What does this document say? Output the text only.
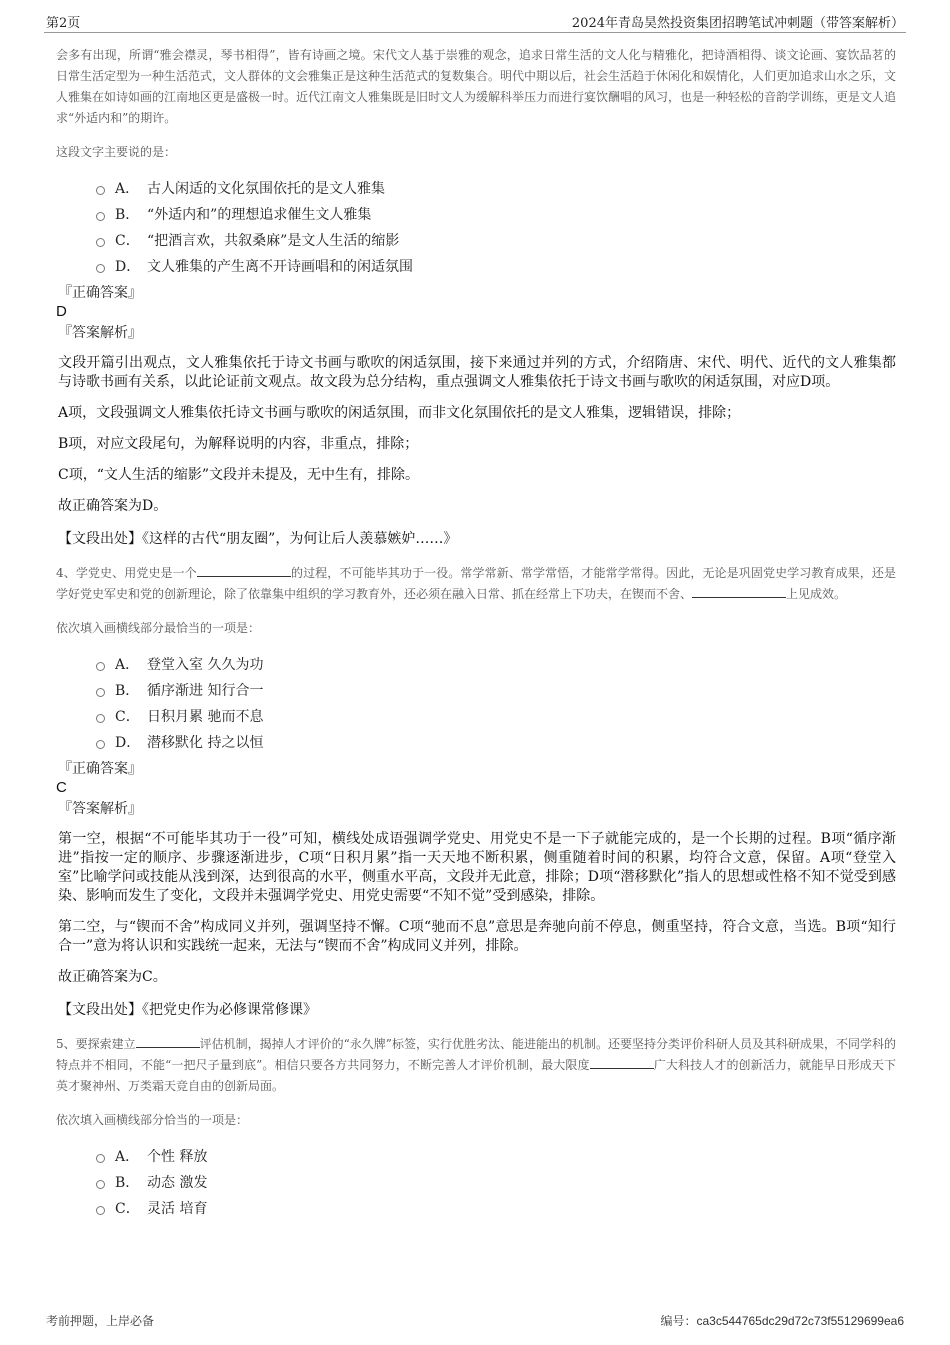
第2页	2024年青岛昊然投资集团招聘笔试冲刺题（带答案解析）

会多有出现，所谓“雅会襟灵，琴书相得”，皆有诗画之境。宋代文人基于崇雅的观念，追求日常生活的文人化与精雅化，把诗酒相得、谈文论画、宴饮品茗的日常生活定型为一种生活范式，文人群体的文会雅集正是这种生活范式的复数集合。明代中期以后，社会生活趋于休闲化和娱情化，人们更加追求山水之乐，文人雅集在如诗如画的江南地区更是盛极一时。近代江南文人雅集既是旧时文人为缓解科举压力而进行宴饮酬唱的风习，也是一种轻松的音韵学训练，更是文人追求“外适内和”的期许。

这段文字主要说的是：

A． 古人闲适的文化氛围依托的是文人雅集
B． “外适内和”的理想追求催生文人雅集
C． “把酒言欢，共叙桑麻”是文人生活的缩影
D． 文人雅集的产生离不开诗画唱和的闲适氛围

『正确答案』

D

『答案解析』

文段开篇引出观点，文人雅集依托于诗文书画与歌吹的闲适氛围，接下来通过并列的方式，介绍隋唐、宋代、明代、近代的文人雅集都与诗歌书画有关系，以此论证前文观点。故文段为总分结构，重点强调文人雅集依托于诗文书画与歌吹的闲适氛围，对应D项。

A项，文段强调文人雅集依托诗文书画与歌吹的闲适氛围，而非文化氛围依托的是文人雅集，逻辑错误，排除；

B项，对应文段尾句，为解释说明的内容，非重点，排除；

C项，“文人生活的缩影”文段并未提及，无中生有，排除。

故正确答案为D。

【文段出处】《这样的古代“朋友圈”，为何让后人羡慕嫉妒……》

4、学党史、用党史是一个	的过程，不可能毕其功于一役。常学常新、常学常悟，才能常学常得。因此，无论是巩固党史学习教育成果，还是学好党史军史和党的创新理论，除了依靠集中组织的学习教育外，还必须在融入日常、抓在经常上下功夫，在锲而不舍、	上见成效。

依次填入画横线部分最恰当的一项是：

A． 登堂入室 久久为功
B． 循序渐进 知行合一
C． 日积月累 驰而不息
D． 潜移默化 持之以恒

『正确答案』

C

『答案解析』

第一空，根据“不可能毕其功于一役”可知，横线处成语强调学党史、用党史不是一下子就能完成的，是一个长期的过程。B项“循序渐进”指按一定的顺序、步骤逐渐进步，C项“日积月累”指一天天地不断积累，侧重随着时间的积累，均符合文意，保留。A项“登堂入室”比喻学问或技能从浅到深，达到很高的水平，侧重水平高，文段并无此意，排除；D项“潜移默化”指人的思想或性格不知不觉受到感染、影响而发生了变化，文段并未强调学党史、用党史需要“不知不觉”受到感染，排除。

第二空，与“锲而不舍”构成同义并列，强调坚持不懈。C项“驰而不息”意思是奔驰向前不停息，侧重坚持，符合文意，当选。B项“知行合一”意为将认识和实践统一起来，无法与“锲而不舍”构成同义并列，排除。

故正确答案为C。

【文段出处】《把党史作为必修课常修课》

5、要探索建立	评估机制，揭掉人才评价的“永久牌”标签，实行优胜劣汰、能进能出的机制。还要坚持分类评价科研人员及其科研成果，不同学科的特点并不相同，不能“一把尺子量到底”。相信只要各方共同努力，不断完善人才评价机制，最大限度	广大科技人才的创新活力，就能早日形成天下英才聚神州、万类霜天竞自由的创新局面。

依次填入画横线部分恰当的一项是：

A． 个性 释放
B． 动态 激发
C． 灵活 培育
考前押题，上岸必备	编号：ca3c544765dc29d72c73f55129699ea6
